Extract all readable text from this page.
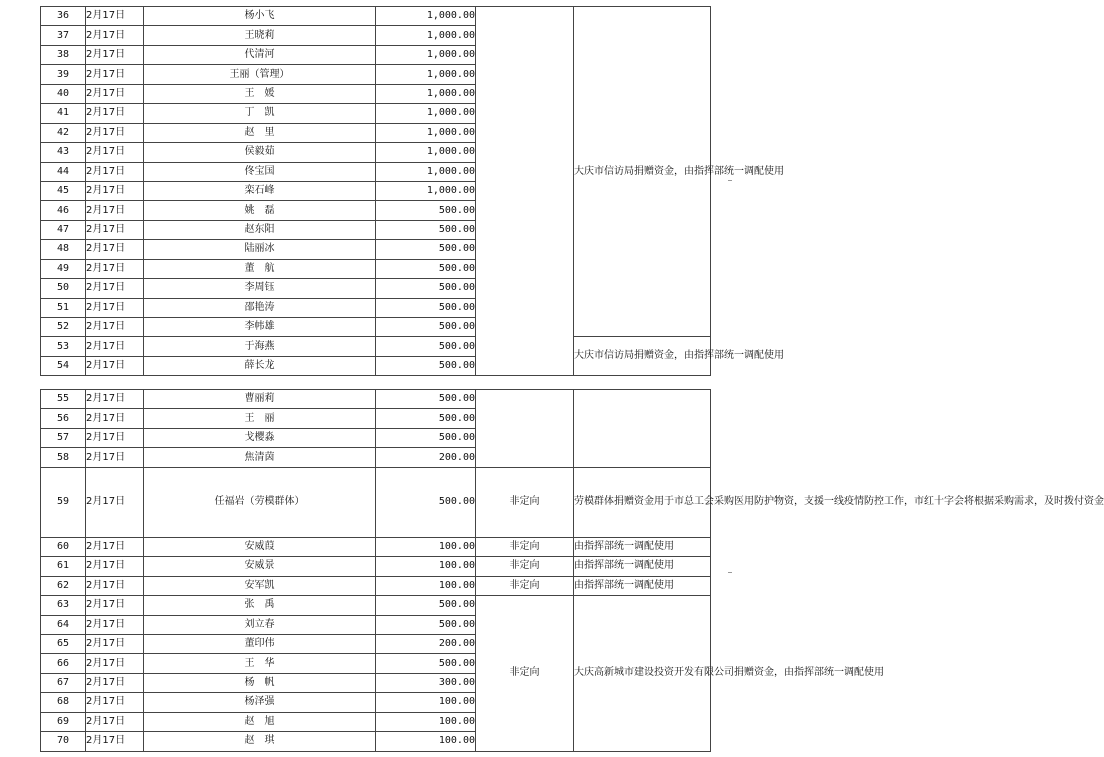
36	2月17日	杨小飞	1,000.00		大庆市信访局捐赠资金，由指挥部统一调配使用
37	2月17日	王晓莉	1,000.00		
38	2月17日	代清河	1,000.00		
39	2月17日	王丽（管理）	1,000.00		
40	2月17日	王　媛	1,000.00		
41	2月17日	丁　凯	1,000.00		
42	2月17日	赵　里	1,000.00		
43	2月17日	侯毅茹	1,000.00		
44	2月17日	佟宝国	1,000.00		
45	2月17日	栾石峰	1,000.00		
46	2月17日	姚　磊	500.00		
47	2月17日	赵东阳	500.00		
48	2月17日	陆丽冰	500.00		
49	2月17日	董　航	500.00		
50	2月17日	李周钰	500.00		
51	2月17日	邵艳涛	500.00		
52	2月17日	李帏雄	500.00		
53	2月17日	于海燕	500.00		大庆市信访局捐赠资金，由指挥部统一调配使用
54	2月17日	薛长龙	500.00		
55	2月17日	曹丽莉	500.00		
56	2月17日	王　丽	500.00		
57	2月17日	戈樱淼	500.00		
58	2月17日	焦清茵	200.00		
59	2月17日	任福岩（劳模群体）	500.00	非定向	劳模群体捐赠资金用于市总工会采购医用防护物资，支援一线疫情防控工作，市红十字会将根据采购需求，及时拨付资金
60	2月17日	安威葭	100.00	非定向	由指挥部统一调配使用
61	2月17日	安威景	100.00	非定向	由指挥部统一调配使用
62	2月17日	安军凯	100.00	非定向	由指挥部统一调配使用
63	2月17日	张　禹	500.00	非定向	大庆高新城市建设投资开发有限公司捐赠资金，由指挥部统一调配使用
64	2月17日	刘立春	500.00		
65	2月17日	董印伟	200.00		
66	2月17日	王　华	500.00		
67	2月17日	杨　帆	300.00		
68	2月17日	杨泽强	100.00		
69	2月17日	赵　旭	100.00		
70	2月17日	赵　琪	100.00		
